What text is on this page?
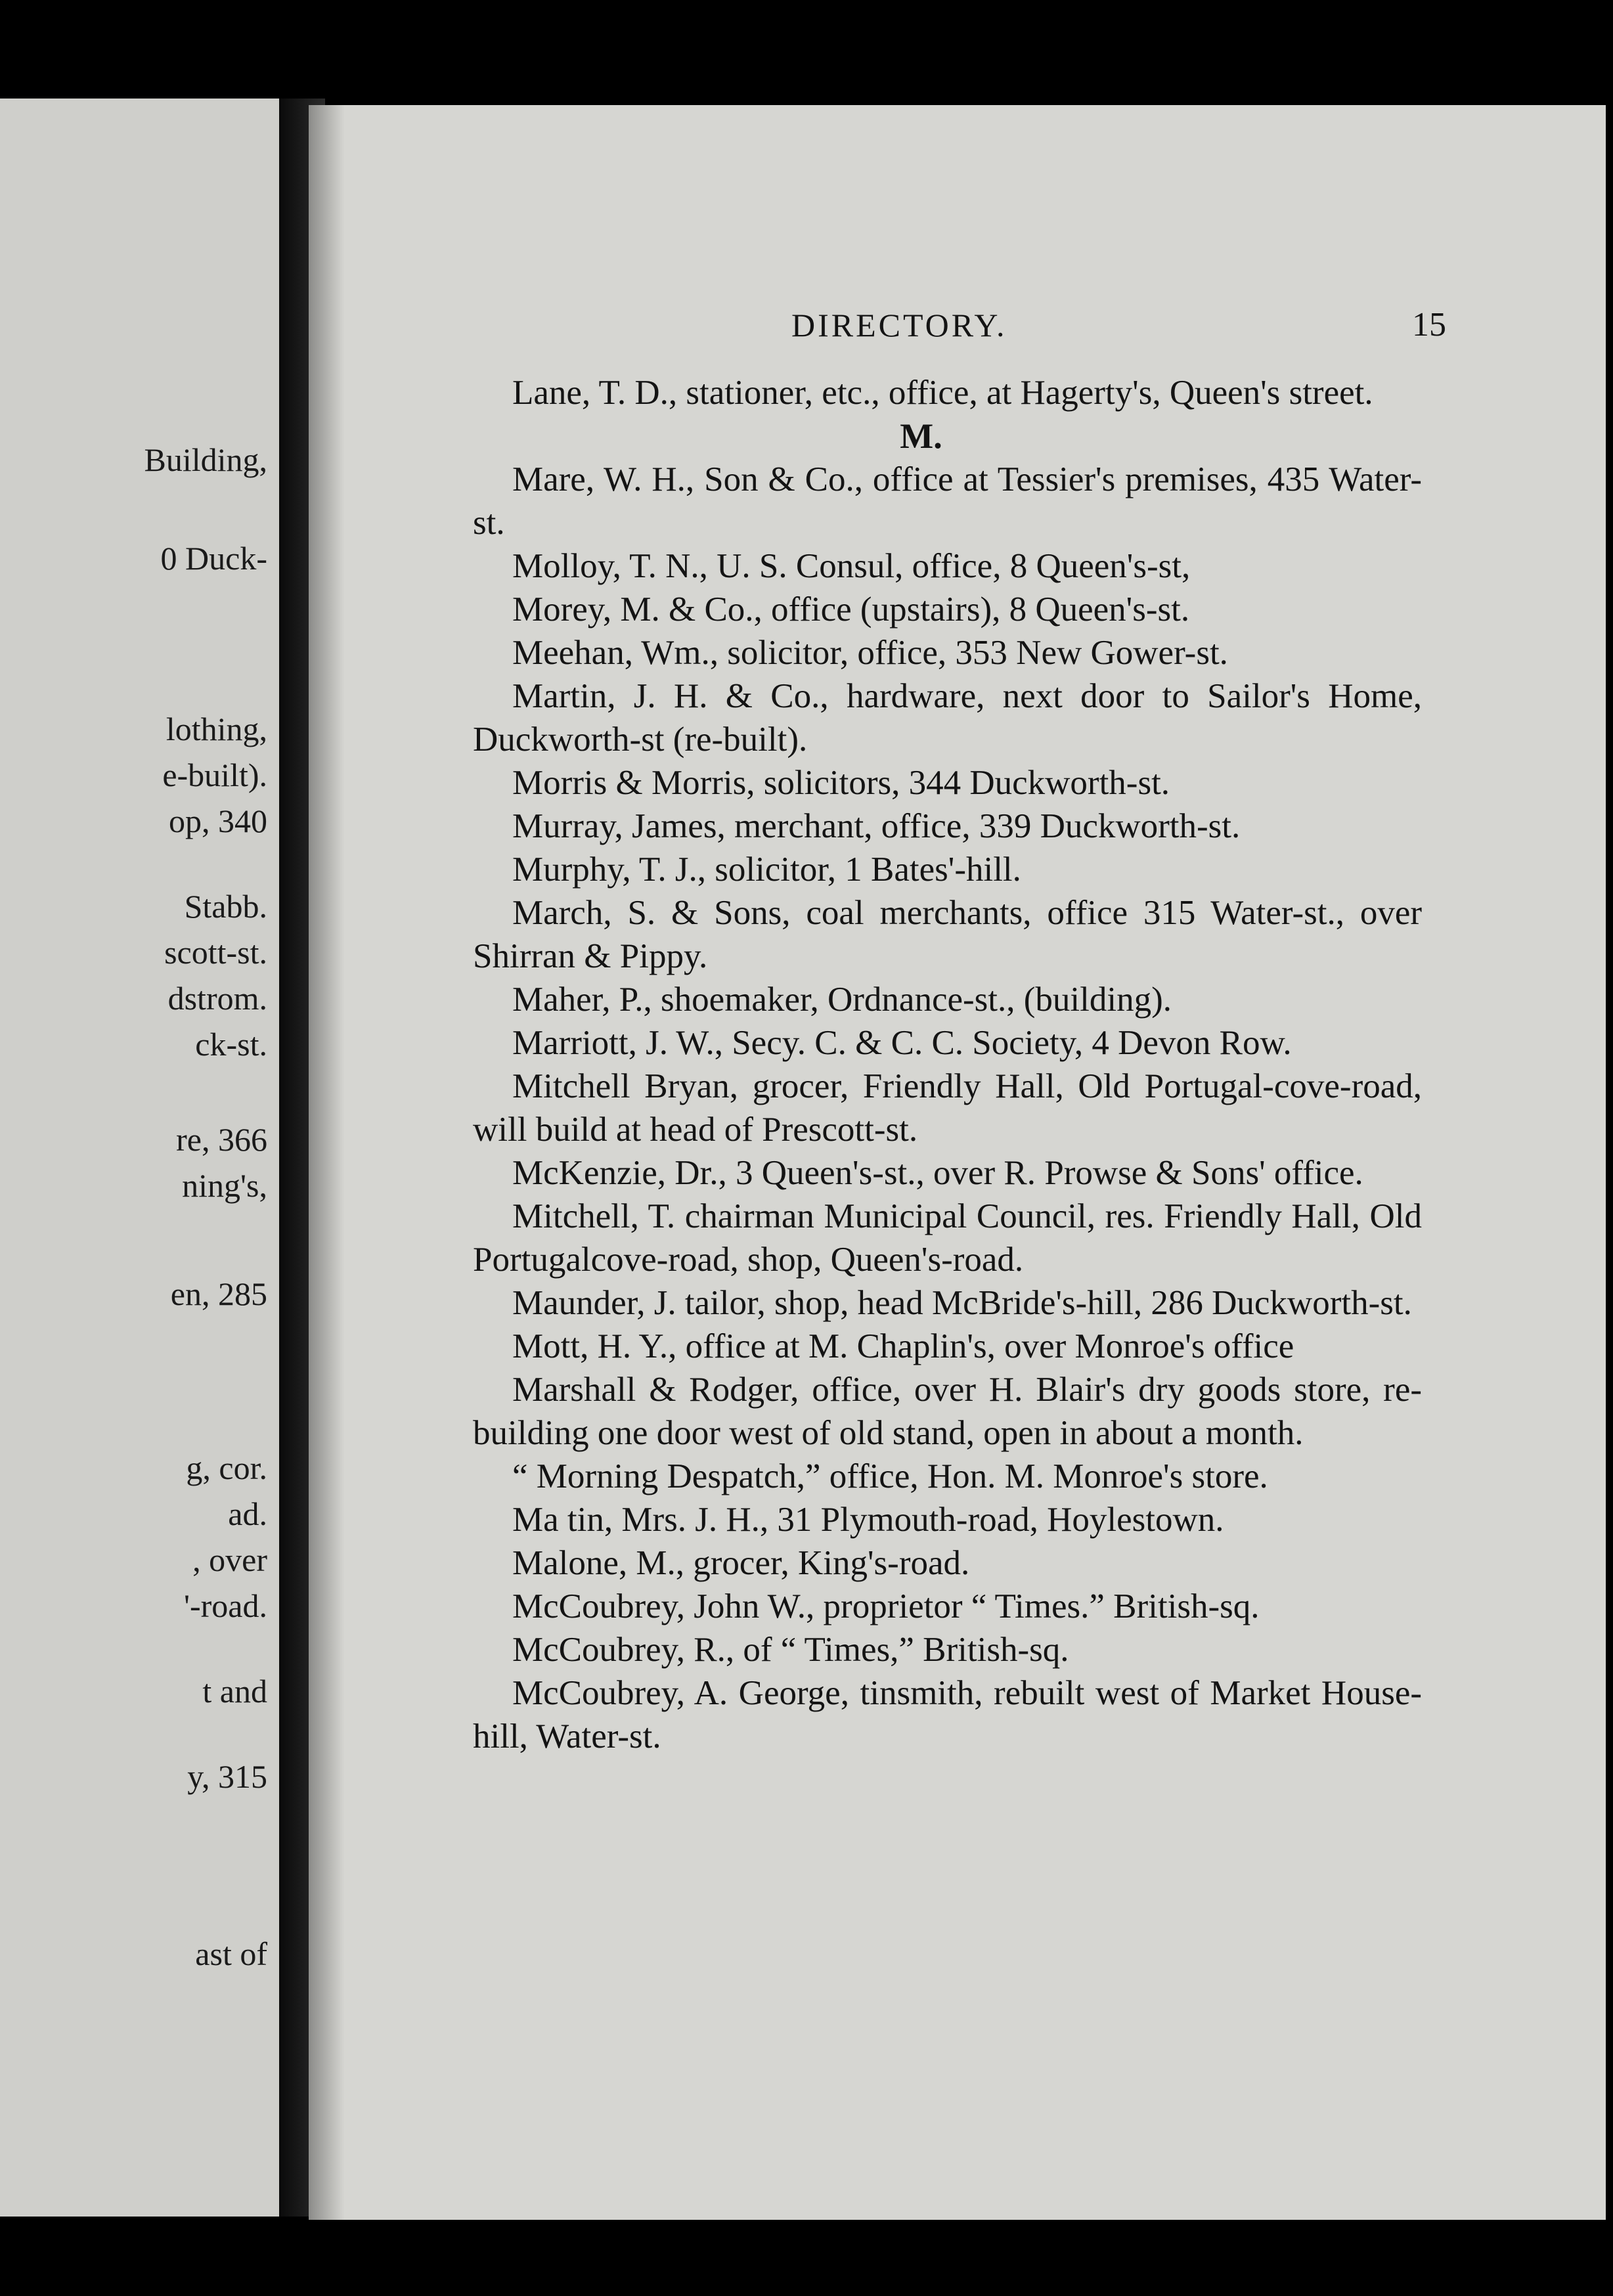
Building,
0 Duck-
lothing,
e-built).
op, 340
Stabb.
scott-st.
dstrom.
ck-st.
re, 366
ning's,
en, 285
g, cor.
ad.
, over
'-road.
t and
y, 315
ast of
DIRECTORY.	15

Lane, T. D., stationer, etc., office, at Hagerty's, Queen's street.

M.

Mare, W. H., Son & Co., office at Tessier's premises, 435 Water-st.

Molloy, T. N., U. S. Consul, office, 8 Queen's-st,

Morey, M. & Co., office (upstairs), 8 Queen's-st.

Meehan, Wm., solicitor, office, 353 New Gower-st.

Martin, J. H. & Co., hardware, next door to Sailor's Home, Duckworth-st (re-built).

Morris & Morris, solicitors, 344 Duckworth-st.

Murray, James, merchant, office, 339 Duckworth-st.

Murphy, T. J., solicitor, 1 Bates'-hill.

March, S. & Sons, coal merchants, office 315 Water-st., over Shirran & Pippy.

Maher, P., shoemaker, Ordnance-st., (building).

Marriott, J. W., Secy. C. & C. C. Society, 4 Devon Row.

Mitchell Bryan, grocer, Friendly Hall, Old Portugal-cove-road, will build at head of Prescott-st.

McKenzie, Dr., 3 Queen's-st., over R. Prowse & Sons' office.

Mitchell, T. chairman Municipal Council, res. Friendly Hall, Old Portugalcove-road, shop, Queen's-road.

Maunder, J. tailor, shop, head McBride's-hill, 286 Duckworth-st.

Mott, H. Y., office at M. Chaplin's, over Monroe's office

Marshall & Rodger, office, over H. Blair's dry goods store, re-building one door west of old stand, open in about a month.

“ Morning Despatch,” office, Hon. M. Monroe's store.

Ma tin, Mrs. J. H., 31 Plymouth-road, Hoylestown.

Malone, M., grocer, King's-road.

McCoubrey, John W., proprietor “ Times.” British-sq.

McCoubrey, R., of “ Times,” British-sq.

McCoubrey, A. George, tinsmith, rebuilt west of Market House-hill, Water-st.
